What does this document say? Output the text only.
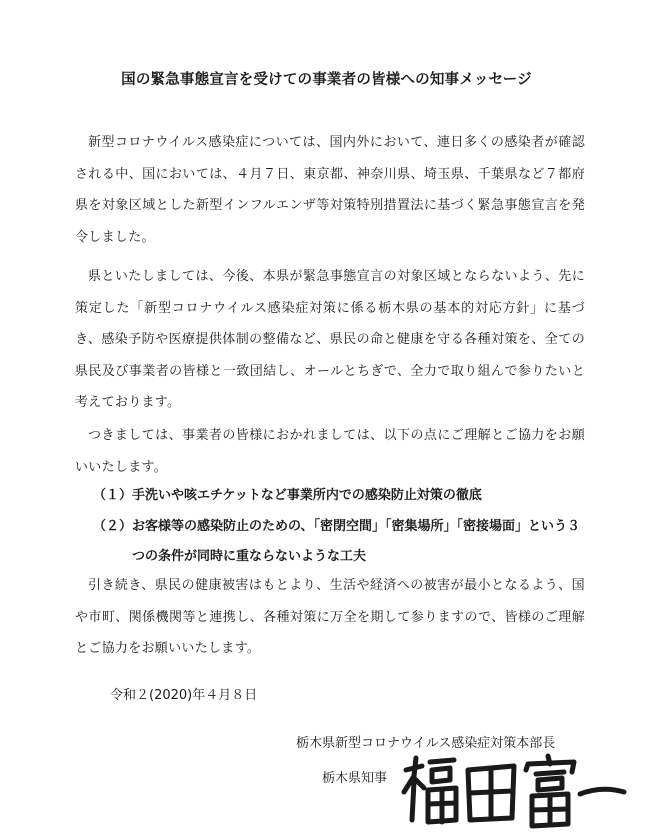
国の緊急事態宣言を受けての事業者の皆様への知事メッセージ

新型コロナウイルス感染症については、国内外において、連日多くの感染者が確認される中、国においては、４月７日、東京都、神奈川県、埼玉県、千葉県など７都府県を対象区域とした新型インフルエンザ等対策特別措置法に基づく緊急事態宣言を発令しました。

県といたしましては、今後、本県が緊急事態宣言の対象区域とならないよう、先に策定した「新型コロナウイルス感染症対策に係る栃木県の基本的対応方針」に基づき、感染予防や医療提供体制の整備など、県民の命と健康を守る各種対策を、全ての県民及び事業者の皆様と一致団結し、オールとちぎで、全力で取り組んで参りたいと考えております。

つきましては、事業者の皆様におかれましては、以下の点にご理解とご協力をお願いいたします。

（１） 手洗いや咳エチケットなど事業所内での感染防止対策の徹底
（２） お客様等の感染防止のための、「密閉空間」「密集場所」「密接場面」という３つの条件が同時に重ならないような工夫

引き続き、県民の健康被害はもとより、生活や経済への被害が最小となるよう、国や市町、関係機関等と連携し、各種対策に万全を期して参りますので、皆様のご理解とご協力をお願いいたします。

令和２(2020)年４月８日
栃木県新型コロナウイルス感染症対策本部長
栃木県知事
